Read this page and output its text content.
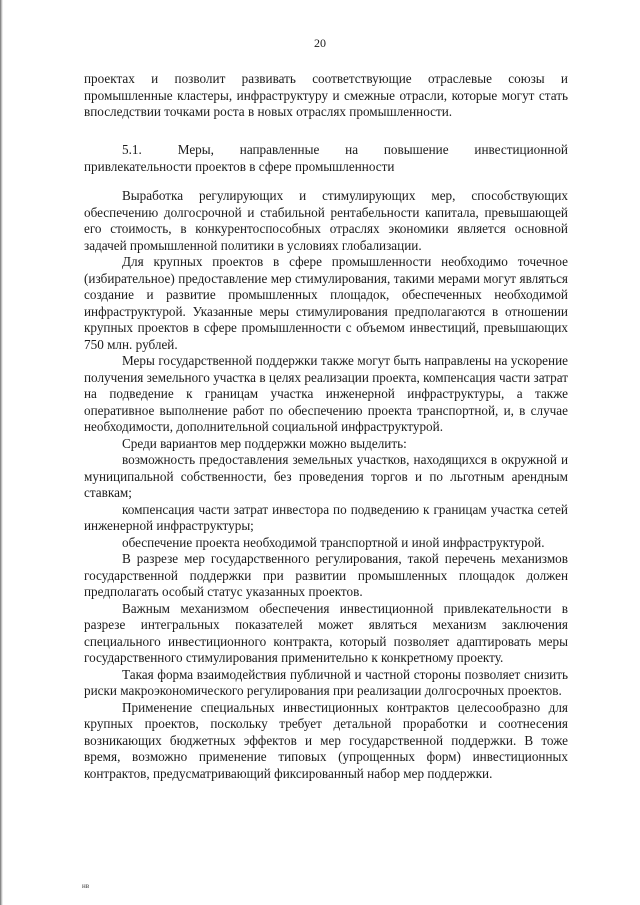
20

проектах и позволит развивать соответствующие отраслевые союзы и промышленные кластеры, инфраструктуру и смежные отрасли, которые могут стать впоследствии точками роста в новых отраслях промышленности.

5.1.	Меры, направленные на повышение инвестиционной привлекательности проектов в сфере промышленности

Выработка регулирующих и стимулирующих мер, способствующих обеспечению долгосрочной и стабильной рентабельности капитала, превышающей его стоимость, в конкурентоспособных отраслях экономики является основной задачей промышленной политики в условиях глобализации.

Для крупных проектов в сфере промышленности необходимо точечное (избирательное) предоставление мер стимулирования, такими мерами могут являться создание и развитие промышленных площадок, обеспеченных необходимой инфраструктурой. Указанные меры стимулирования предполагаются в отношении крупных проектов в сфере промышленности с объемом инвестиций, превышающих 750 млн. рублей.

Меры государственной поддержки также могут быть направлены на ускорение получения земельного участка в целях реализации проекта, компенсация части затрат на подведение к границам участка инженерной инфраструктуры, а также оперативное выполнение работ по обеспечению проекта транспортной, и, в случае необходимости, дополнительной социальной инфраструктурой.

Среди вариантов мер поддержки можно выделить:

возможность предоставления земельных участков, находящихся в окружной и муниципальной собственности, без проведения торгов и по льготным арендным ставкам;

компенсация части затрат инвестора по подведению к границам участка сетей инженерной инфраструктуры;

обеспечение проекта необходимой транспортной и иной инфраструктурой.

В разрезе мер государственного регулирования, такой перечень механизмов государственной поддержки при развитии промышленных площадок должен предполагать особый статус указанных проектов.

Важным механизмом обеспечения инвестиционной привлекательности в разрезе интегральных показателей может являться механизм заключения специального инвестиционного контракта, который позволяет адаптировать меры государственного стимулирования применительно к конкретному проекту.

Такая форма взаимодействия публичной и частной стороны позволяет снизить риски макроэкономического регулирования при реализации долгосрочных проектов.

Применение специальных инвестиционных контрактов целесообразно для крупных проектов, поскольку требует детальной проработки и соотнесения возникающих бюджетных эффектов и мер государственной поддержки. В тоже время, возможно применение типовых (упрощенных форм) инвестиционных контрактов, предусматривающий фиксированный набор мер поддержки.

нв
